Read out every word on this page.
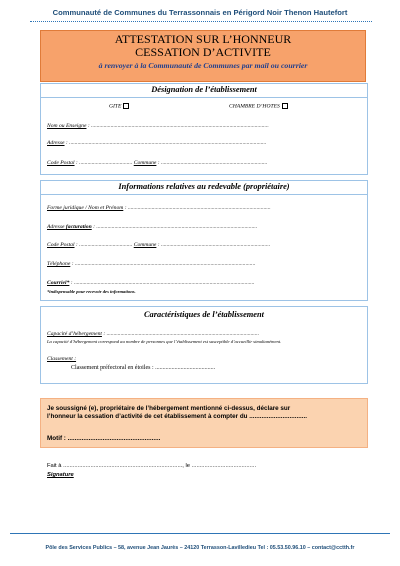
Communauté de Communes du Terrassonnais en Périgord Noir Thenon Hautefort
ATTESTATION SUR L’HONNEUR
CESSATION D’ACTIVITE
à renvoyer à la Communauté de Communes par mail ou courrier
Désignation de l’établissement
GITE	CHAMBRE D’HOTES
Nom ou Enseigne : ...............................................................................................................................
Adresse : .............................................................................................................................................
Code Postal : ...................................... Commune : ............................................................................
Informations relatives au redevable (propriétaire)
Forme juridique / Nom et Prénom : ......................................................................................................
Adresse facturation : ...................................................................................................................
Code Postal : ...................................... Commune : ..............................................................................
Téléphone : .................................................................................................................................
Courriel* : .................................................................................................................................
*indispensable pour recevoir des informations.
Caractéristiques de l’établissement
Capacité d’hébergement : .............................................................................................................
La capacité d’hébergement correspond au nombre de personnes que l’établissement est susceptible d’accueillir simultanément.
Classement :
Classement préfectoral en étoiles : ........................................
Je soussigné (e), propriétaire de l’hébergement mentionné ci-dessus, déclare sur
l’honneur la cessation d’activité de cet établissement à compter du .................................
Motif : .....................................................
Fait à .........................................................................., le ........................................
Signature
Pôle des Services Publics – 58, avenue Jean Jaurès – 24120 Terrasson-Lavilledieu Tel : 05.53.50.96.10 – contact@cctth.fr
